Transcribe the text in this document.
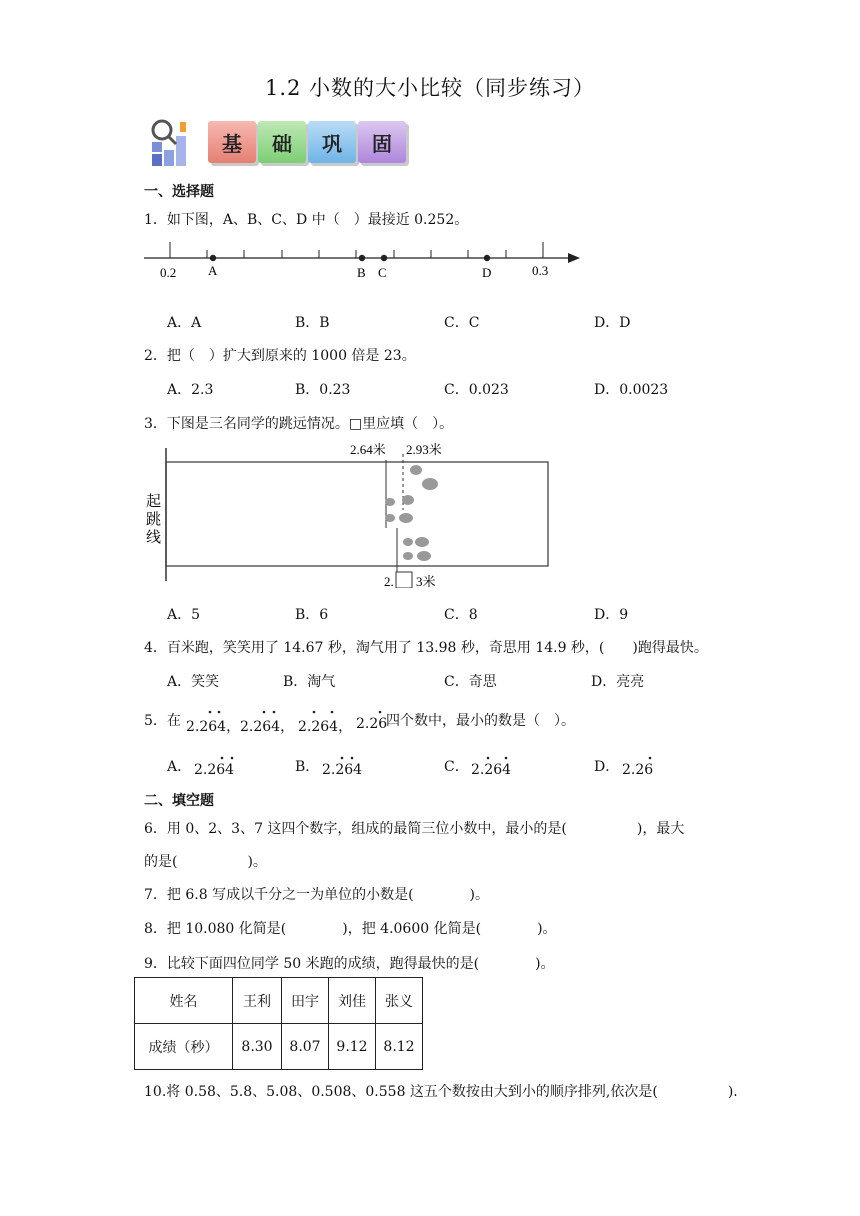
1.2 小数的大小比较（同步练习）
基	础	巩	固
一、选择题
1．如下图，A、B、C、D 中（　）最接近 0.252。
0.2 A	B C	D	0.3
A．A	B．B	C．C	D．D
2．把（　）扩大到原来的 1000 倍是 23。
A．2.3	B．0.23	C．0.023	D．0.0023
3．下图是三名同学的跳远情况。□里应填（　）。
2.64米 2.93米
起 跳 线
2. 3米
A．5	B．6	C．8	D．9
4．百米跑，笑笑用了 14.67 秒，淘气用了 13.98 秒，奇思用 14.9 秒，(　　)跑得最快。
A．笑笑	B．淘气	C．奇思	D．亮亮
5．在 2.264， 2.264， 2.264， 2.26
四个数中，最小的数是（　）。
A． 2.264	B． 2.264	C． 2.264	D． 2.26
二、填空题
6．用 0、2、3、7 这四个数字，组成的最简三位小数中，最小的是(　　　　　)，最大
的是(　　　　　)。
7．把 6.8 写成以千分之一为单位的小数是(　　　　)。
8．把 10.080 化简是(　　　　)，把 4.0600 化简是(　　　　)。
9．比较下面四位同学 50 米跑的成绩，跑得最快的是(　　　　)。
姓名	王利	田宇	刘佳	张义
成绩（秒）	8.30	8.07	9.12	8.12
10.将 0.58、5.8、5.08、0.508、0.558 这五个数按由大到小的顺序排列,依次是(　　　　　).
